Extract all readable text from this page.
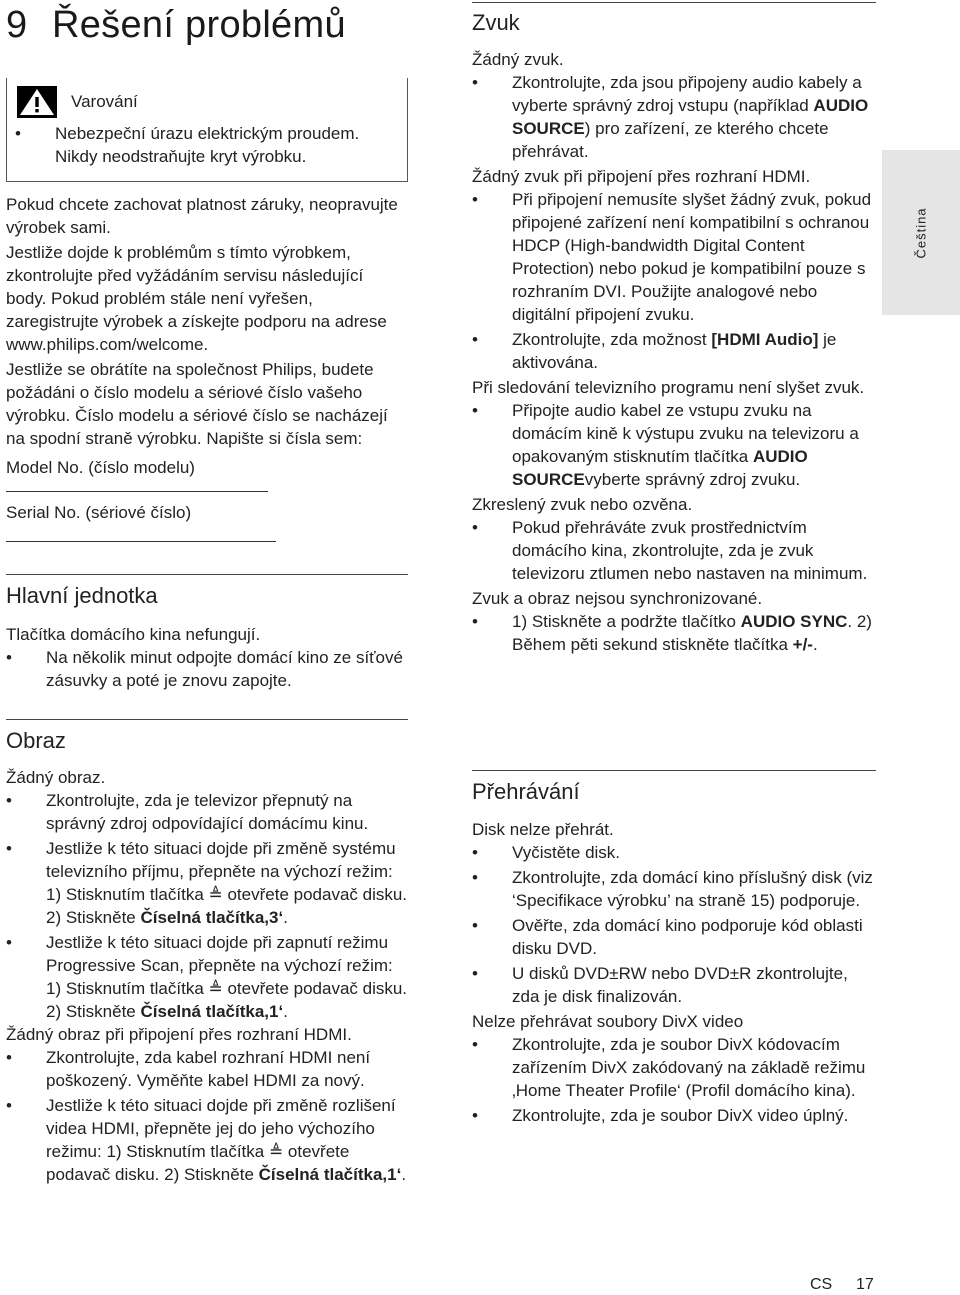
9 Řešení problémů
Varování
•	Nebezpeční úrazu elektrickým proudem. Nikdy neodstraňujte kryt výrobku.

Pokud chcete zachovat platnost záruky, neopravujte výrobek sami.

Jestliže dojde k problémům s tímto výrobkem, zkontrolujte před vyžádáním servisu následující body. Pokud problém stále není vyřešen, zaregistrujte výrobek a získejte podporu na adrese www.philips.com/welcome.

Jestliže se obrátíte na společnost Philips, budete požádáni o číslo modelu a sériové číslo vašeho výrobku. Číslo modelu a sériové číslo se nacházejí na spodní straně výrobku. Napište si čísla sem:

Model No. (číslo modelu)

Serial No. (sériové číslo)

Hlavní jednotka

Tlačítka domácího kina nefungují.

•	Na několik minut odpojte domácí kino ze síťové zásuvky a poté je znovu zapojte.
Obraz

Žádný obraz.

•	Zkontrolujte, zda je televizor přepnutý na správný zdroj odpovídající domácímu kinu.
•	Jestliže k této situaci dojde při změně systému televizního příjmu, přepněte na výchozí režim: 1) Stisknutím tlačítka ≜ otevřete podavač disku. 2) Stiskněte Číselná tlačítka,3‘.
•	Jestliže k této situaci dojde při zapnutí režimu Progressive Scan, přepněte na výchozí režim: 1) Stisknutím tlačítka ≜ otevřete podavač disku. 2) Stiskněte Číselná tlačítka,1‘.

Žádný obraz při připojení přes rozhraní HDMI.

•	Zkontrolujte, zda kabel rozhraní HDMI není poškozený. Vyměňte kabel HDMI za nový.
•	Jestliže k této situaci dojde při změně rozlišení videa HDMI, přepněte jej do jeho výchozího režimu: 1) Stisknutím tlačítka ≜ otevřete podavač disku. 2) Stiskněte Číselná tlačítka,1‘.
Zvuk

Žádný zvuk.

•	Zkontrolujte, zda jsou připojeny audio kabely a vyberte správný zdroj vstupu (například AUDIO SOURCE) pro zařízení, ze kterého chcete přehrávat.

Žádný zvuk při připojení přes rozhraní HDMI.

•	Při připojení nemusíte slyšet žádný zvuk, pokud připojené zařízení není kompatibilní s ochranou HDCP (High-bandwidth Digital Content Protection) nebo pokud je kompatibilní pouze s rozhraním DVI. Použijte analogové nebo digitální připojení zvuku.
•	Zkontrolujte, zda možnost [HDMI Audio] je aktivována.

Při sledování televizního programu není slyšet zvuk.

•	Připojte audio kabel ze vstupu zvuku na domácím kině k výstupu zvuku na televizoru a opakovaným stisknutím tlačítka AUDIO SOURCEvyberte správný zdroj zvuku.

Zkreslený zvuk nebo ozvěna.

•	Pokud přehráváte zvuk prostřednictvím domácího kina, zkontrolujte, zda je zvuk televizoru ztlumen nebo nastaven na minimum.

Zvuk a obraz nejsou synchronizované.

•	1) Stiskněte a podržte tlačítko AUDIO SYNC. 2) Během pěti sekund stiskněte tlačítka +/-.
Přehrávání

Disk nelze přehrát.

•	Vyčistěte disk.
•	Zkontrolujte, zda domácí kino příslušný disk (viz ‘Specifikace výrobku’ na straně 15) podporuje.
•	Ověřte, zda domácí kino podporuje kód oblasti disku DVD.
•	U disků DVD±RW nebo DVD±R zkontrolujte, zda je disk finalizován.

Nelze přehrávat soubory DivX video

•	Zkontrolujte, zda je soubor DivX kódovacím zařízením DivX zakódovaný na základě režimu ‚Home Theater Profile‘ (Profil domácího kina).
•	Zkontrolujte, zda je soubor DivX video úplný.
Čeština
CS 17
